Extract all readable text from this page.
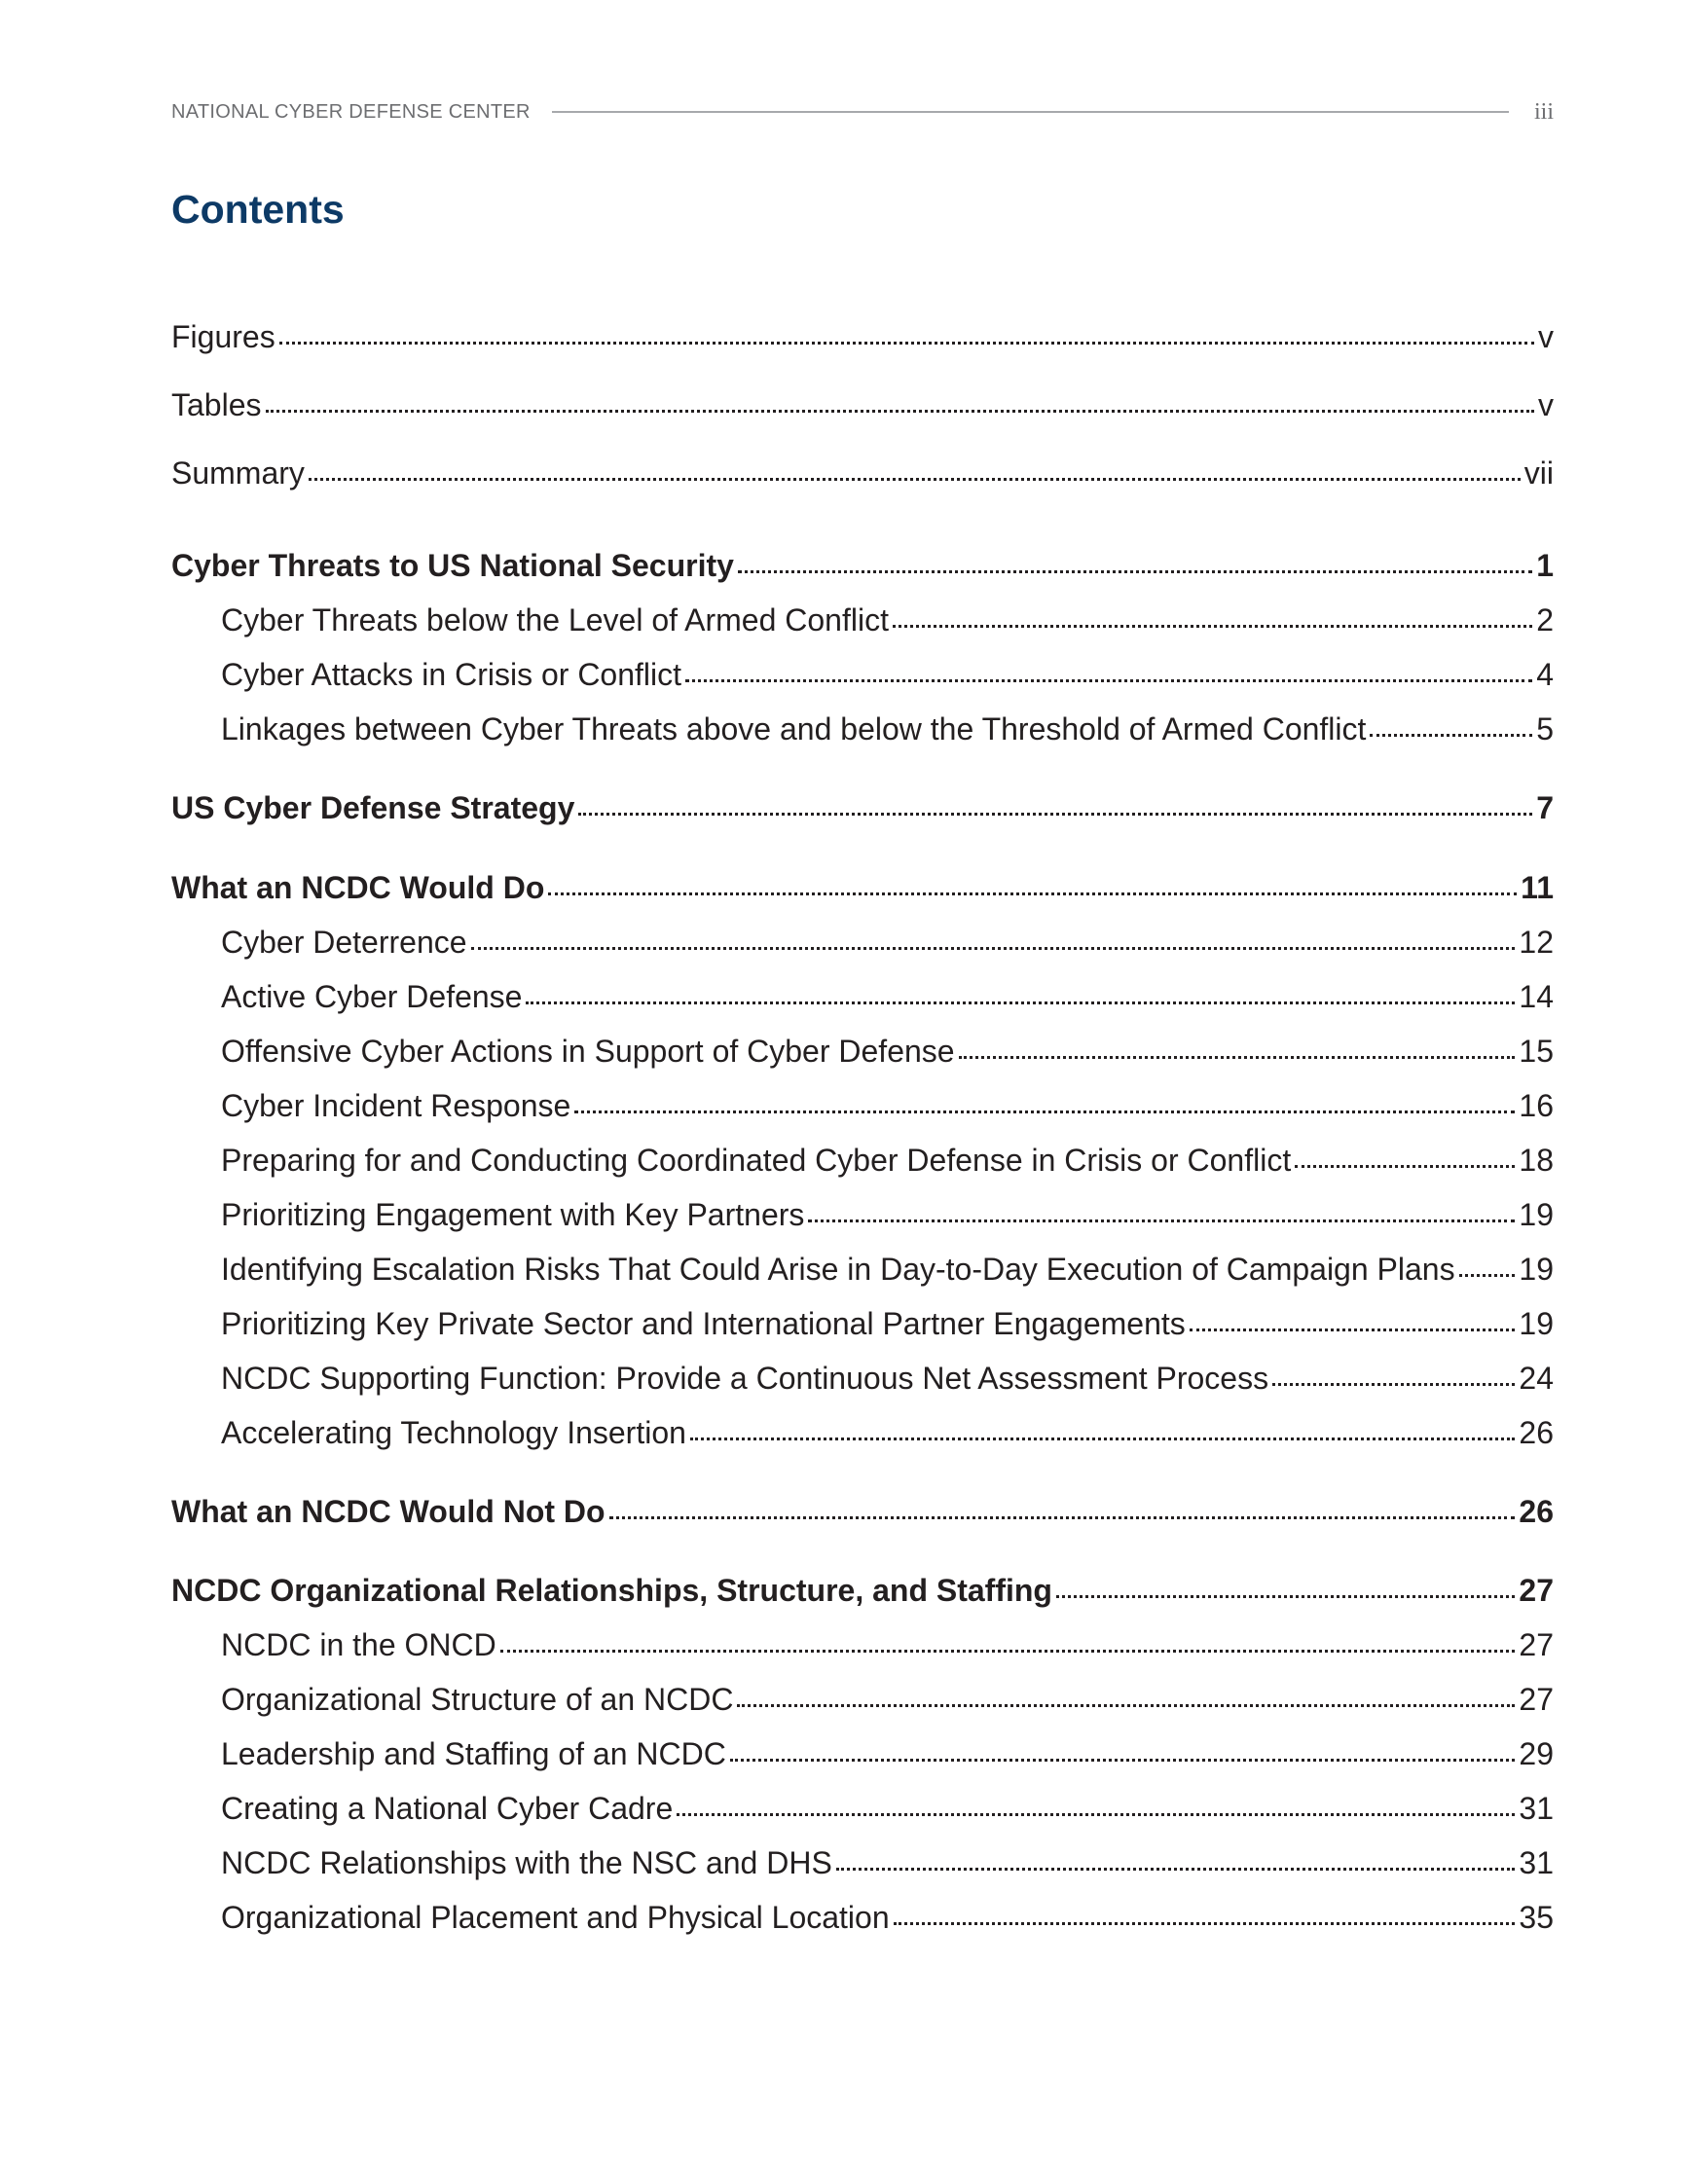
NATIONAL CYBER DEFENSE CENTER	iii
Contents
Figures	v
Tables	v
Summary	vii
Cyber Threats to US National Security	1
Cyber Threats below the Level of Armed Conflict	2
Cyber Attacks in Crisis or Conflict	4
Linkages between Cyber Threats above and below the Threshold of Armed Conflict	5
US Cyber Defense Strategy	7
What an NCDC Would Do	11
Cyber Deterrence	12
Active Cyber Defense	14
Offensive Cyber Actions in Support of Cyber Defense	15
Cyber Incident Response	16
Preparing for and Conducting Coordinated Cyber Defense in Crisis or Conflict	18
Prioritizing Engagement with Key Partners	19
Identifying Escalation Risks That Could Arise in Day-to-Day Execution of Campaign Plans 19
Prioritizing Key Private Sector and International Partner Engagements	19
NCDC Supporting Function: Provide a Continuous Net Assessment Process	24
Accelerating Technology Insertion	26
What an NCDC Would Not Do	26
NCDC Organizational Relationships, Structure, and Staffing	27
NCDC in the ONCD	27
Organizational Structure of an NCDC	27
Leadership and Staffing of an NCDC	29
Creating a National Cyber Cadre	31
NCDC Relationships with the NSC and DHS	31
Organizational Placement and Physical Location	35
